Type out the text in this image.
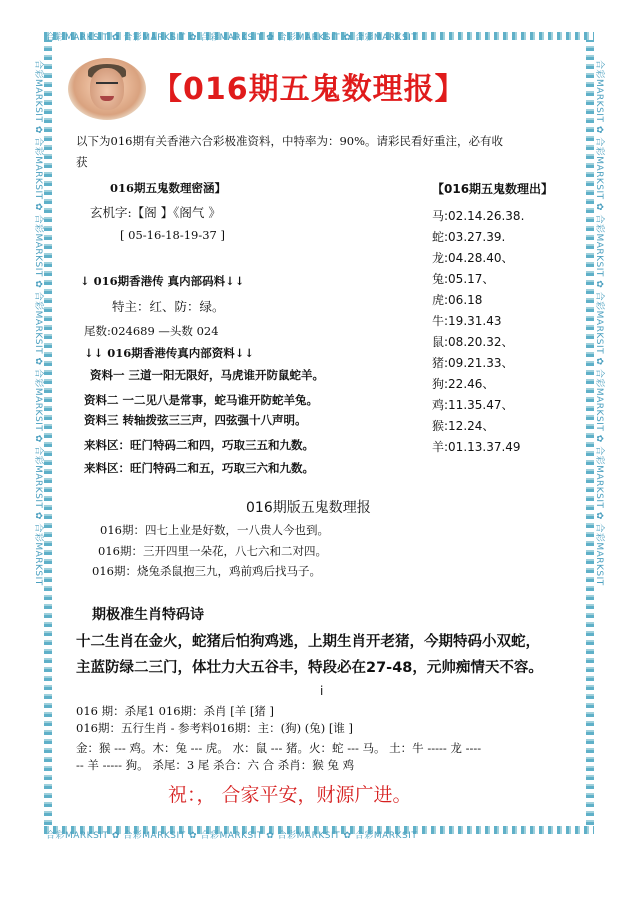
合彩MARKSIT ✿ 合彩MARKSIT ✿ 合彩MARKSIT ✿ 合彩MARKSIT ✿ 合彩MARKSIT
合彩MARKSIT ✿ 合彩MARKSIT ✿ 合彩MARKSIT ✿ 合彩MARKSIT ✿ 合彩MARKSIT
合彩MARKSIT ✿ 合彩MARKSIT ✿ 合彩MARKSIT ✿ 合彩MARKSIT ✿ 合彩MARKSIT ✿ 合彩MARKSIT ✿ 合彩MARKSIT
合彩MARKSIT ✿ 合彩MARKSIT ✿ 合彩MARKSIT ✿ 合彩MARKSIT ✿ 合彩MARKSIT ✿ 合彩MARKSIT ✿ 合彩MARKSIT
【016期五鬼数理报】
以下为016期有关香港六合彩极准资料，中特率为：90%。请彩民看好重注，必有收
获
016期五鬼数理密涵】
玄机字:【阁 】《阁气 》
[ 05-16-18-19-37 ]
↓ 016期香港传 真内部码料↓↓
特主：红、防：绿。
尾数:024689 —头数 024
↓↓ 016期香港传真内部资料↓↓
资料一 三道一阳无限好，马虎谁开防鼠蛇羊。
资料二 一二见八是常事，蛇马谁开防蛇羊兔。
资料三 转轴拨弦三三声，四弦强十八声明。
来料区：旺门特码二和四，巧取三五和九数。
来料区：旺门特码二和五，巧取三六和九数。
【016期五鬼数理出】
马:02.14.26.38.
蛇:03.27.39.
龙:04.28.40、
兔:05.17、
虎:06.18
牛:19.31.43
鼠:08.20.32、
猪:09.21.33、
狗:22.46、
鸡:11.35.47、
猴:12.24、
羊:01.13.37.49
016期版五鬼数理报
016期：四七上业是好数，一八贵人今也到。
016期：三开四里一朵花，八七六和二对四。
016期：烧兔杀鼠抱三九，鸡前鸡后找马子。
期极准生肖特码诗
十二生肖在金火，蛇猪后怕狗鸡逃，上期生肖开老猪，今期特码小双蛇，
主蓝防绿二三门，体壮力大五谷丰，特段必在27-48，元帅痴情天不容。
i
016 期：杀尾1 016期：杀肖 [羊 [猪 ]
016期：五行生肖 - 参考料016期：主：(狗) (兔) [谁 ]
金：猴 --- 鸡。木：兔 --- 虎。 水：鼠 --- 猪。火：蛇 --- 马。 土：牛 ----- 龙 ----
-- 羊 ----- 狗。 杀尾：3 尾 杀合：六 合 杀肖：猴 兔 鸡
祝：， 合家平安，财源广进。
